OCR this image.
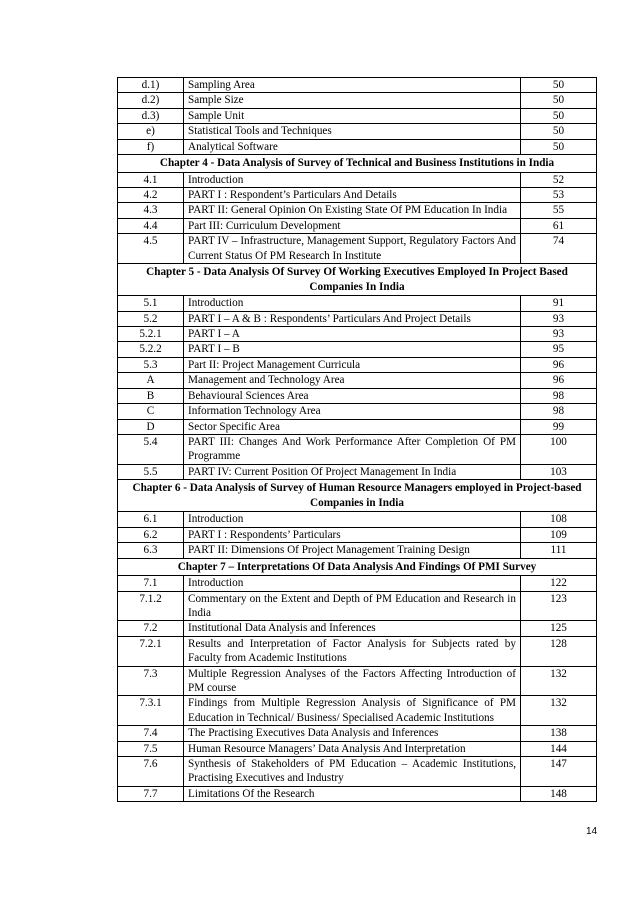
d.1)	Sampling Area	50
d.2)	Sample Size	50
d.3)	Sample Unit	50
e)	Statistical Tools and Techniques	50
f)	Analytical Software	50
Chapter 4 - Data Analysis of Survey of Technical and Business Institutions in India		
4.1	Introduction	52
4.2	PART I : Respondent’s Particulars And Details	53
4.3	PART II: General Opinion On Existing State Of PM Education In India	55
4.4	Part III: Curriculum Development	61
4.5	PART IV – Infrastructure, Management Support, Regulatory Factors And Current Status Of PM Research In Institute	74
Chapter 5 - Data Analysis Of Survey Of Working Executives Employed In Project Based Companies In India		
5.1	Introduction	91
5.2	PART I – A & B : Respondents’ Particulars And Project Details	93
5.2.1	PART I – A	93
5.2.2	PART I – B	95
5.3	Part II: Project Management Curricula	96
A	Management and Technology Area	96
B	Behavioural Sciences Area	98
C	Information Technology Area	98
D	Sector Specific Area	99
5.4	PART III: Changes And Work Performance After Completion Of PM Programme	100
5.5	PART IV: Current Position Of Project Management In India	103
Chapter 6 - Data Analysis of Survey of Human Resource Managers employed in Project-based Companies in India		
6.1	Introduction	108
6.2	PART I : Respondents’ Particulars	109
6.3	PART II: Dimensions Of Project Management Training Design	111
Chapter 7 – Interpretations Of Data Analysis And Findings Of PMI Survey		
7.1	Introduction	122
7.1.2	Commentary on the Extent and Depth of PM Education and Research in India	123
7.2	Institutional Data Analysis and Inferences	125
7.2.1	Results and Interpretation of Factor Analysis for Subjects rated by Faculty from Academic Institutions	128
7.3	Multiple Regression Analyses of the Factors Affecting Introduction of PM course	132
7.3.1	Findings from Multiple Regression Analysis of Significance of PM Education in Technical/ Business/ Specialised Academic Institutions	132
7.4	The Practising Executives Data Analysis and Inferences	138
7.5	Human Resource Managers’ Data Analysis And Interpretation	144
7.6	Synthesis of Stakeholders of PM Education – Academic Institutions, Practising Executives and Industry	147
7.7	Limitations Of the Research	148
14
